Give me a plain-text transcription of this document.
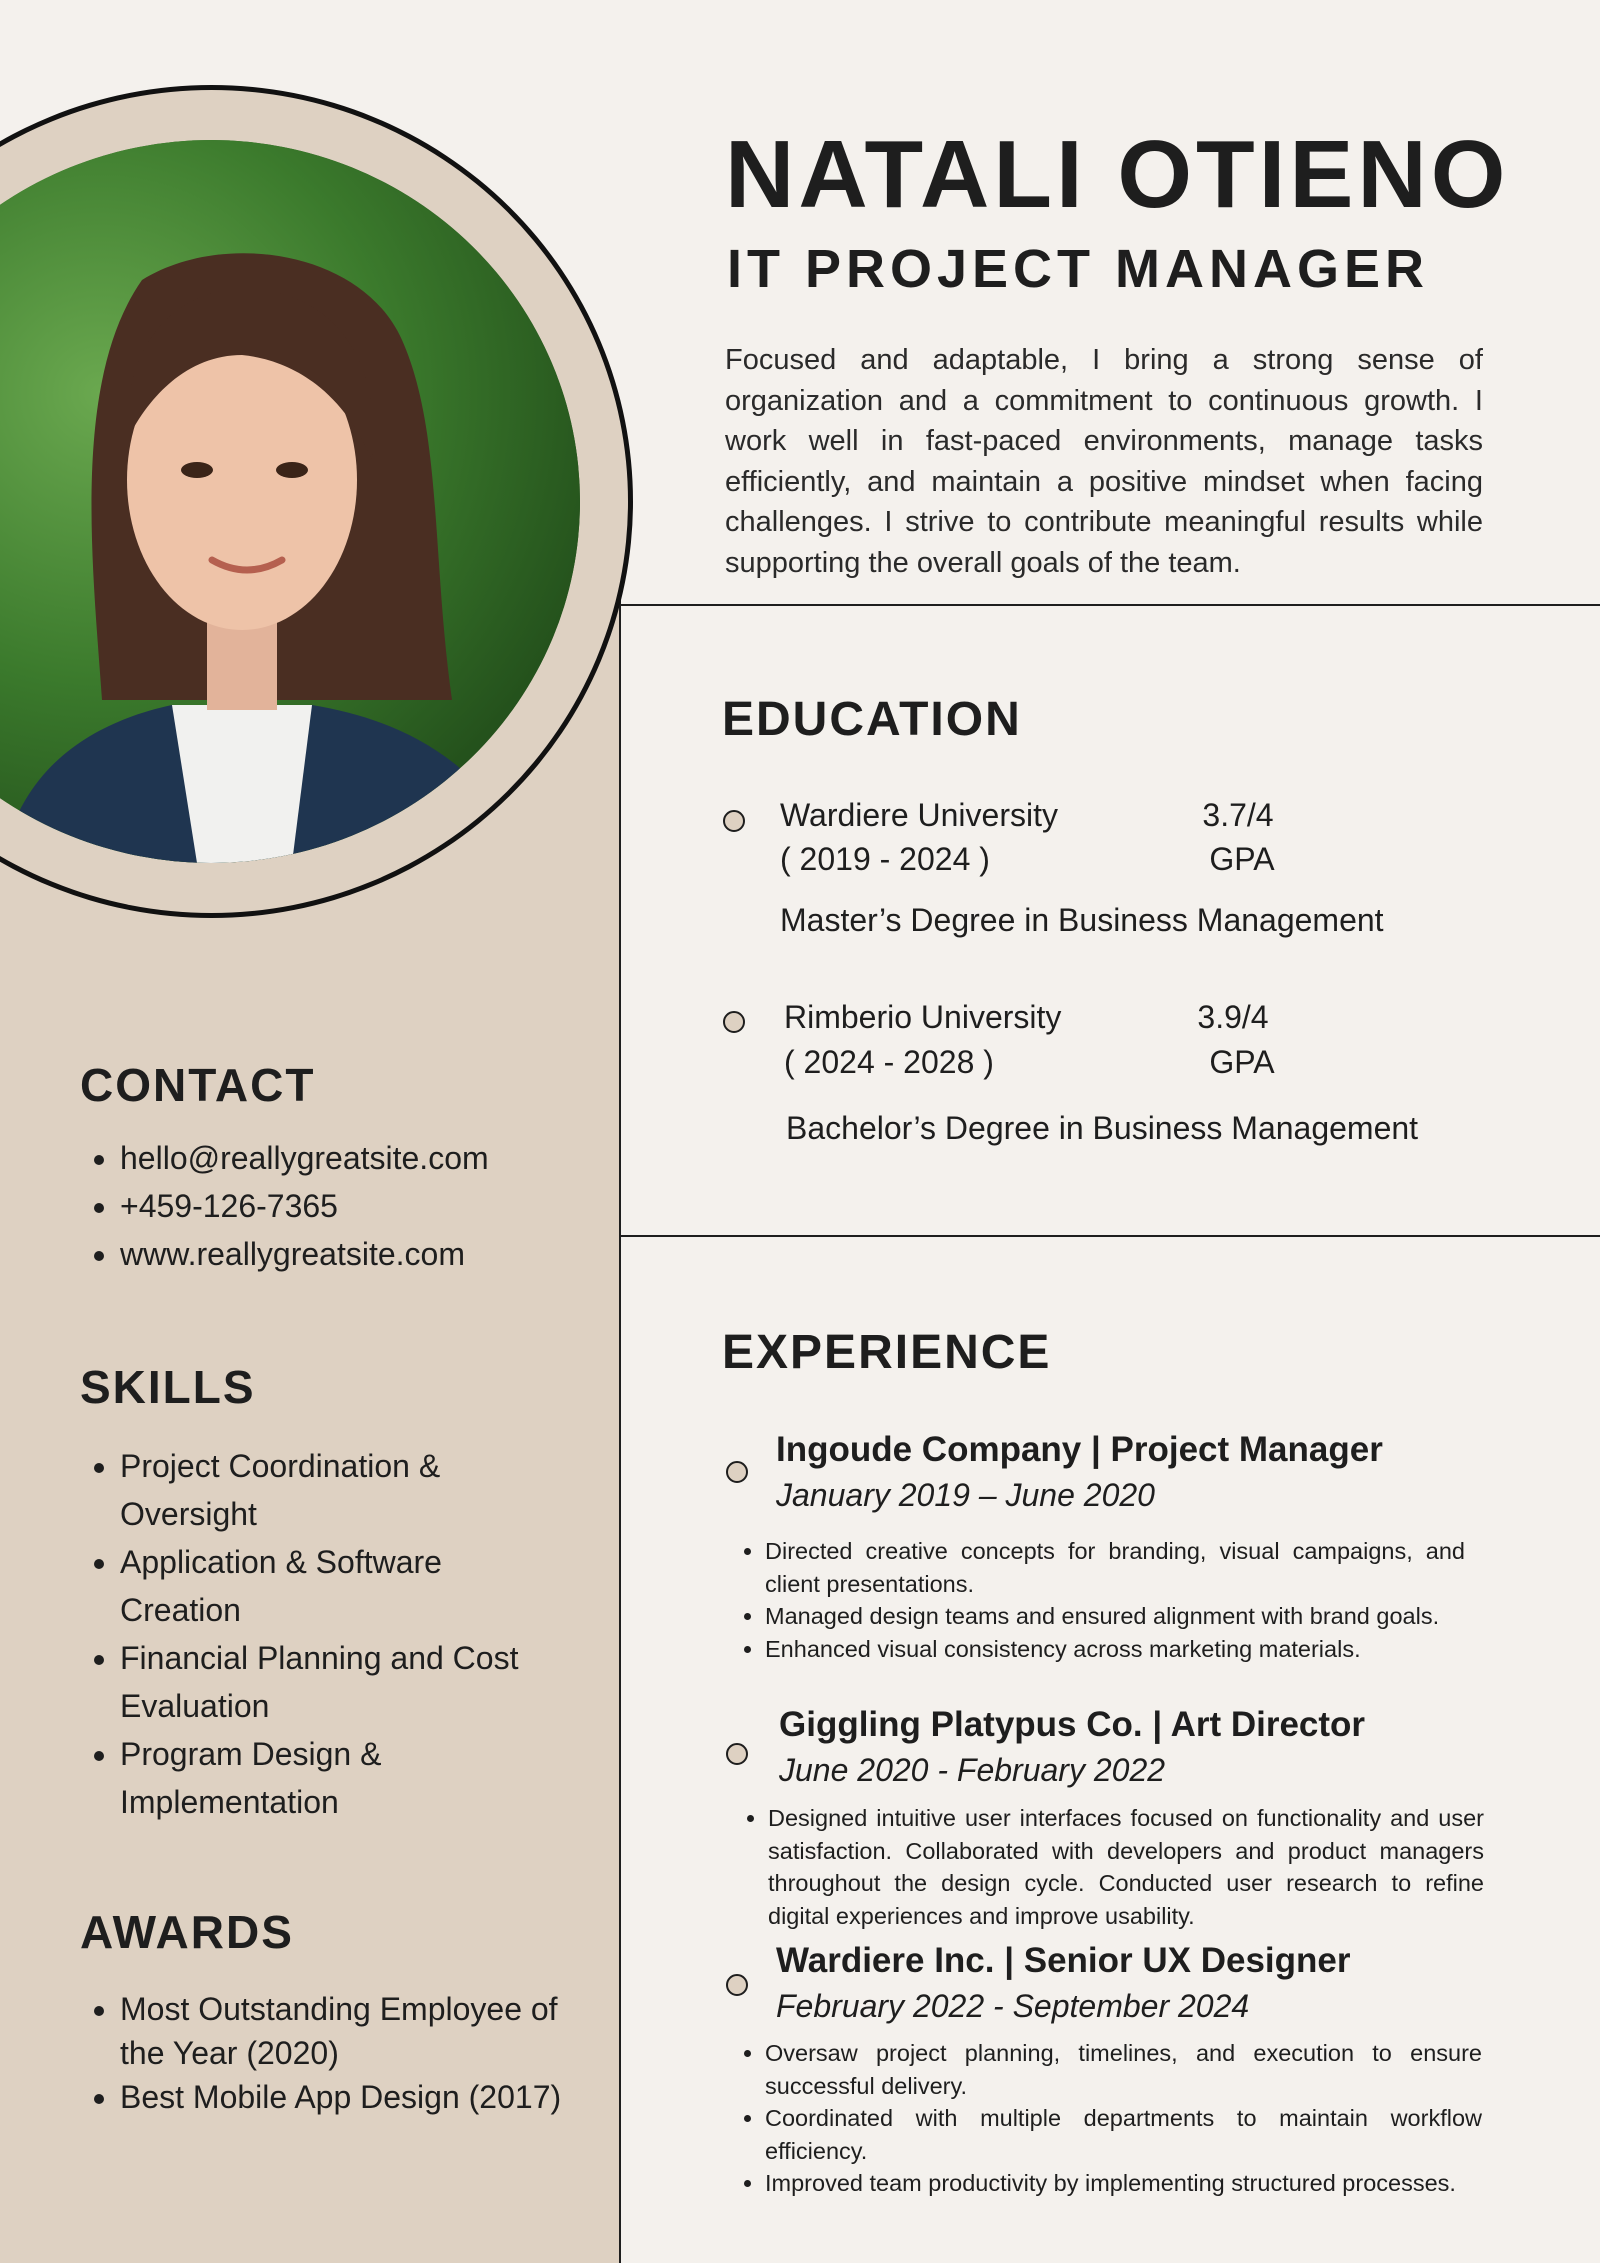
CONTACT
• hello@reallygreatsite.com
• +459-126-7365
• www.reallygreatsite.com
SKILLS
• Project Coordination & Oversight
• Application & Software Creation
• Financial Planning and Cost Evaluation
• Program Design & Implementation
AWARDS
• Most Outstanding Employee of the Year (2020)
• Best Mobile App Design (2017)
NATALI OTIENO
IT PROJECT MANAGER

Focused and adaptable, I bring a strong sense of organization and a commitment to continuous growth. I work well in fast-paced environments, manage tasks efficiently, and maintain a positive mindset when facing challenges. I strive to contribute meaningful results while supporting the overall goals of the team.

EDUCATION
Wardiere University
( 2019 - 2024 )
3.7/4
GPA
Master’s Degree in Business Management
Rimberio University
( 2024 - 2028 )
3.9/4
GPA
Bachelor’s Degree in Business Management
EXPERIENCE
Ingoude Company | Project Manager
January 2019 – June 2020
• Directed creative concepts for branding, visual campaigns, and client presentations.
• Managed design teams and ensured alignment with brand goals.
• Enhanced visual consistency across marketing materials.
Giggling Platypus Co. | Art Director
June 2020 - February 2022
• Designed intuitive user interfaces focused on functionality and user satisfaction. Collaborated with developers and product managers throughout the design cycle. Conducted user research to refine digital experiences and improve usability.
Wardiere Inc. | Senior UX Designer
February 2022 - September 2024
• Oversaw project planning, timelines, and execution to ensure successful delivery.
• Coordinated with multiple departments to maintain workflow efficiency.
• Improved team productivity by implementing structured processes.
